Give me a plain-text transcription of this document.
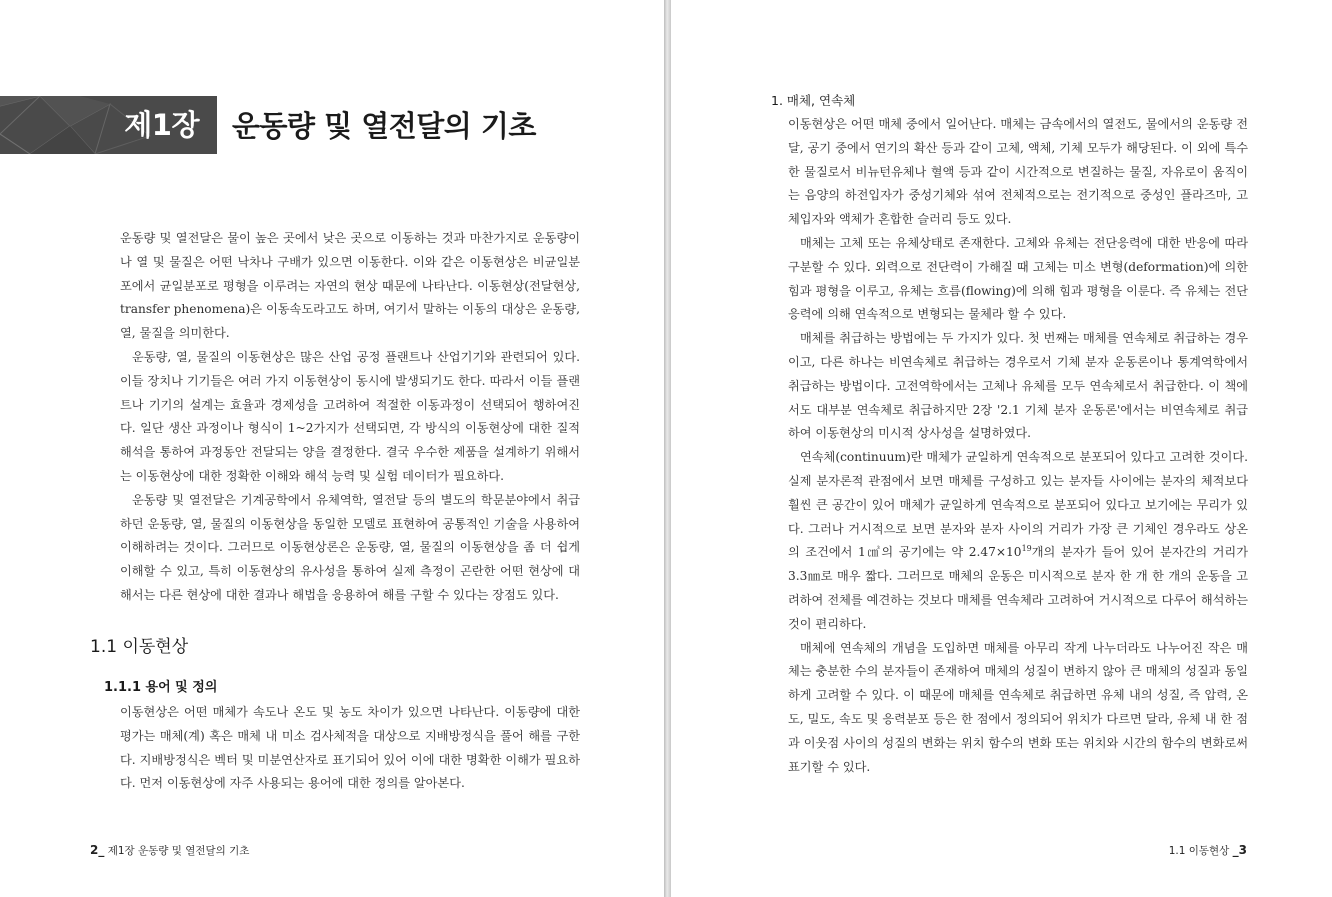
제1장	운동량 및 열전달의 기초

운동량 및 열전달은 물이 높은 곳에서 낮은 곳으로 이동하는 것과 마찬가지로 운동량이나 열 및 물질은 어떤 낙차나 구배가 있으면 이동한다. 이와 같은 이동현상은 비균일분포에서 균일분포로 평형을 이루려는 자연의 현상 때문에 나타난다. 이동현상(전달현상, transfer phenomena)은 이동속도라고도 하며, 여기서 말하는 이동의 대상은 운동량, 열, 물질을 의미한다.

운동량, 열, 물질의 이동현상은 많은 산업 공정 플랜트나 산업기기와 관련되어 있다. 이들 장치나 기기들은 여러 가지 이동현상이 동시에 발생되기도 한다. 따라서 이들 플랜트나 기기의 설계는 효율과 경제성을 고려하여 적절한 이동과정이 선택되어 행하여진다. 일단 생산 과정이나 형식이 1~2가지가 선택되면, 각 방식의 이동현상에 대한 질적 해석을 통하여 과정동안 전달되는 양을 결정한다. 결국 우수한 제품을 설계하기 위해서는 이동현상에 대한 정확한 이해와 해석 능력 및 실험 데이터가 필요하다.

운동량 및 열전달은 기계공학에서 유체역학, 열전달 등의 별도의 학문분야에서 취급하던 운동량, 열, 물질의 이동현상을 동일한 모델로 표현하여 공통적인 기술을 사용하여 이해하려는 것이다. 그러므로 이동현상론은 운동량, 열, 물질의 이동현상을 좀 더 쉽게 이해할 수 있고, 특히 이동현상의 유사성을 통하여 실제 측정이 곤란한 어떤 현상에 대해서는 다른 현상에 대한 결과나 해법을 응용하여 해를 구할 수 있다는 장점도 있다.

1.1 이동현상
1.1.1 용어 및 정의

이동현상은 어떤 매체가 속도나 온도 및 농도 차이가 있으면 나타난다. 이동량에 대한 평가는 매체(계) 혹은 매체 내 미소 검사체적을 대상으로 지배방정식을 풀어 해를 구한다. 지배방정식은 벡터 및 미분연산자로 표기되어 있어 이에 대한 명확한 이해가 필요하다. 먼저 이동현상에 자주 사용되는 용어에 대한 정의를 알아본다.

2_ 제1장 운동량 및 열전달의 기초
1. 매체, 연속체

이동현상은 어떤 매체 중에서 일어난다. 매체는 금속에서의 열전도, 물에서의 운동량 전달, 공기 중에서 연기의 확산 등과 같이 고체, 액체, 기체 모두가 해당된다. 이 외에 특수한 물질로서 비뉴턴유체나 혈액 등과 같이 시간적으로 변질하는 물질, 자유로이 움직이는 음양의 하전입자가 중성기체와 섞여 전체적으로는 전기적으로 중성인 플라즈마, 고체입자와 액체가 혼합한 슬러리 등도 있다.

매체는 고체 또는 유체상태로 존재한다. 고체와 유체는 전단응력에 대한 반응에 따라 구분할 수 있다. 외력으로 전단력이 가해질 때 고체는 미소 변형(deformation)에 의한 힘과 평형을 이루고, 유체는 흐름(flowing)에 의해 힘과 평형을 이룬다. 즉 유체는 전단응력에 의해 연속적으로 변형되는 물체라 할 수 있다.

매체를 취급하는 방법에는 두 가지가 있다. 첫 번째는 매체를 연속체로 취급하는 경우이고, 다른 하나는 비연속체로 취급하는 경우로서 기체 분자 운동론이나 통계역학에서 취급하는 방법이다. 고전역학에서는 고체나 유체를 모두 연속체로서 취급한다. 이 책에서도 대부분 연속체로 취급하지만 2장 '2.1 기체 분자 운동론'에서는 비연속체로 취급하여 이동현상의 미시적 상사성을 설명하였다.

연속체(continuum)란 매체가 균일하게 연속적으로 분포되어 있다고 고려한 것이다. 실제 분자론적 관점에서 보면 매체를 구성하고 있는 분자들 사이에는 분자의 체적보다 훨씬 큰 공간이 있어 매체가 균일하게 연속적으로 분포되어 있다고 보기에는 무리가 있다. 그러나 거시적으로 보면 분자와 분자 사이의 거리가 가장 큰 기체인 경우라도 상온의 조건에서 1㎤의 공기에는 약 $2.47\times 10^{19}$개의 분자가 들어 있어 분자간의 거리가 3.3㎚로 매우 짧다. 그러므로 매체의 운동은 미시적으로 분자 한 개 한 개의 운동을 고려하여 전체를 예견하는 것보다 매체를 연속체라 고려하여 거시적으로 다루어 해석하는 것이 편리하다.

매체에 연속체의 개념을 도입하면 매체를 아무리 작게 나누더라도 나누어진 작은 매체는 충분한 수의 분자들이 존재하여 매체의 성질이 변하지 않아 큰 매체의 성질과 동일하게 고려할 수 있다. 이 때문에 매체를 연속체로 취급하면 유체 내의 성질, 즉 압력, 온도, 밀도, 속도 및 응력분포 등은 한 점에서 정의되어 위치가 다르면 달라, 유체 내 한 점과 이웃점 사이의 성질의 변화는 위치 함수의 변화 또는 위치와 시간의 함수의 변화로써 표기할 수 있다.

1.1 이동현상 _3
